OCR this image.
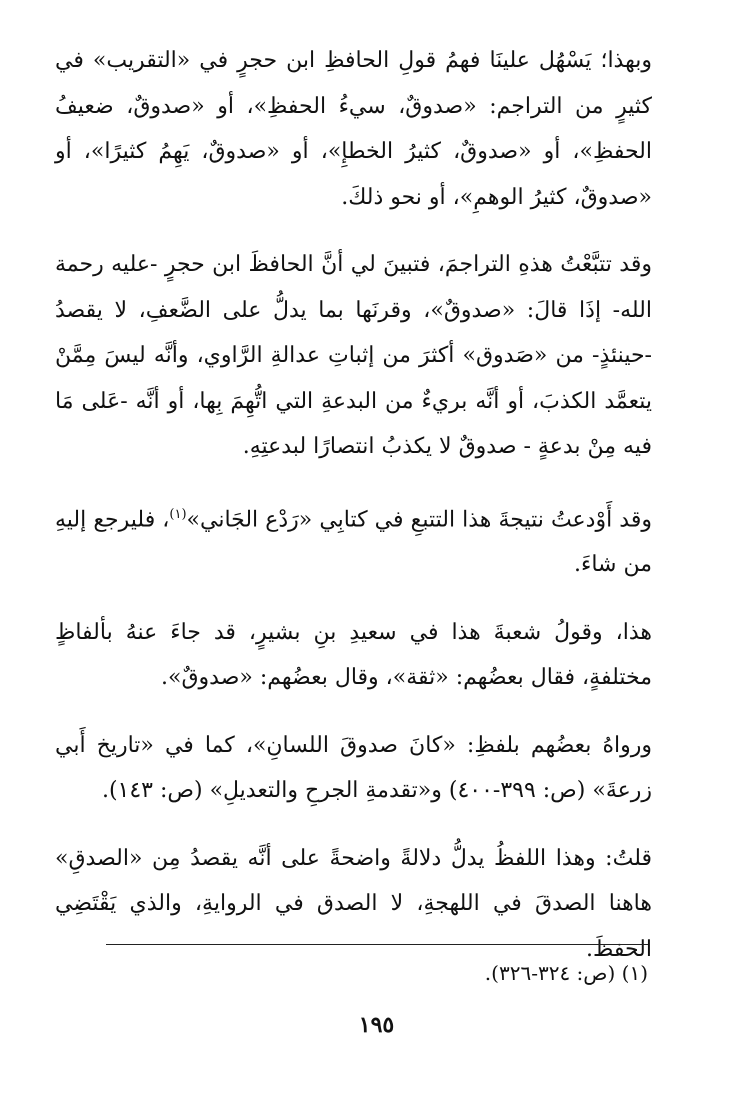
وبهذا؛ يَسْهُل علينَا فهمُ قولِ الحافظِ ابن حجرٍ في «التقريب» في كثيرٍ من التراجم: «صدوقٌ، سيءُ الحفظِ»، أو «صدوقٌ، ضعيفُ الحفظِ»، أو «صدوقٌ، كثيرُ الخطإِ»، أو «صدوقٌ، يَهِمُ كثيرًا»، أو «صدوقٌ، كثيرُ الوهمِ»، أو نحو ذلكَ.

وقد تتبَّعْتُ هذهِ التراجمَ، فتبينَ لي أنَّ الحافظَ ابن حجرٍ -عليه رحمة الله- إذَا قالَ: «صدوقٌ»، وقرنَها بما يدلُّ على الضَّعفِ، لا يقصدُ -حينئذٍ- من «صَدوق» أكثرَ من إثباتِ عدالةِ الرَّاوي، وأنَّه ليسَ مِمَّنْ يتعمَّد الكذبَ، أو أنَّه بريءٌ من البدعةِ التي اتُّهِمَ بِها، أو أنَّه -عَلى مَا فيه مِنْ بدعةٍ - صدوقٌ لا يكذبُ انتصارًا لبدعتِهِ.

وقد أَوْدعتُ نتيجةَ هذا التتبعِ في كتابِي «رَدْع الجَاني»$^{(١)}$، فليرجع إليهِ من شاءَ.

هذا، وقولُ شعبةَ هذا في سعيدِ بنِ بشيرٍ، قد جاءَ عنهُ بألفاظٍ مختلفةٍ، فقال بعضُهم: «ثقة»، وقال بعضُهم: «صدوقٌ».

ورواهُ بعضُهم بلفظِ: «كانَ صدوقَ اللسانِ»، كما في «تاريخ أَبي زرعةَ» (ص: ٣٩٩-٤٠٠) و«تقدمةِ الجرحِ والتعديلِ» (ص: ١٤٣).

قلتُ: وهذا اللفظُ يدلُّ دلالةً واضحةً على أنَّه يقصدُ مِن «الصدقِ» هاهنا الصدقَ في اللهجةِ، لا الصدق في الروايةِ، والذي يَقْتَضِي الحفظَ.

(١) (ص: ٣٢٤-٣٢٦).
١٩٥
